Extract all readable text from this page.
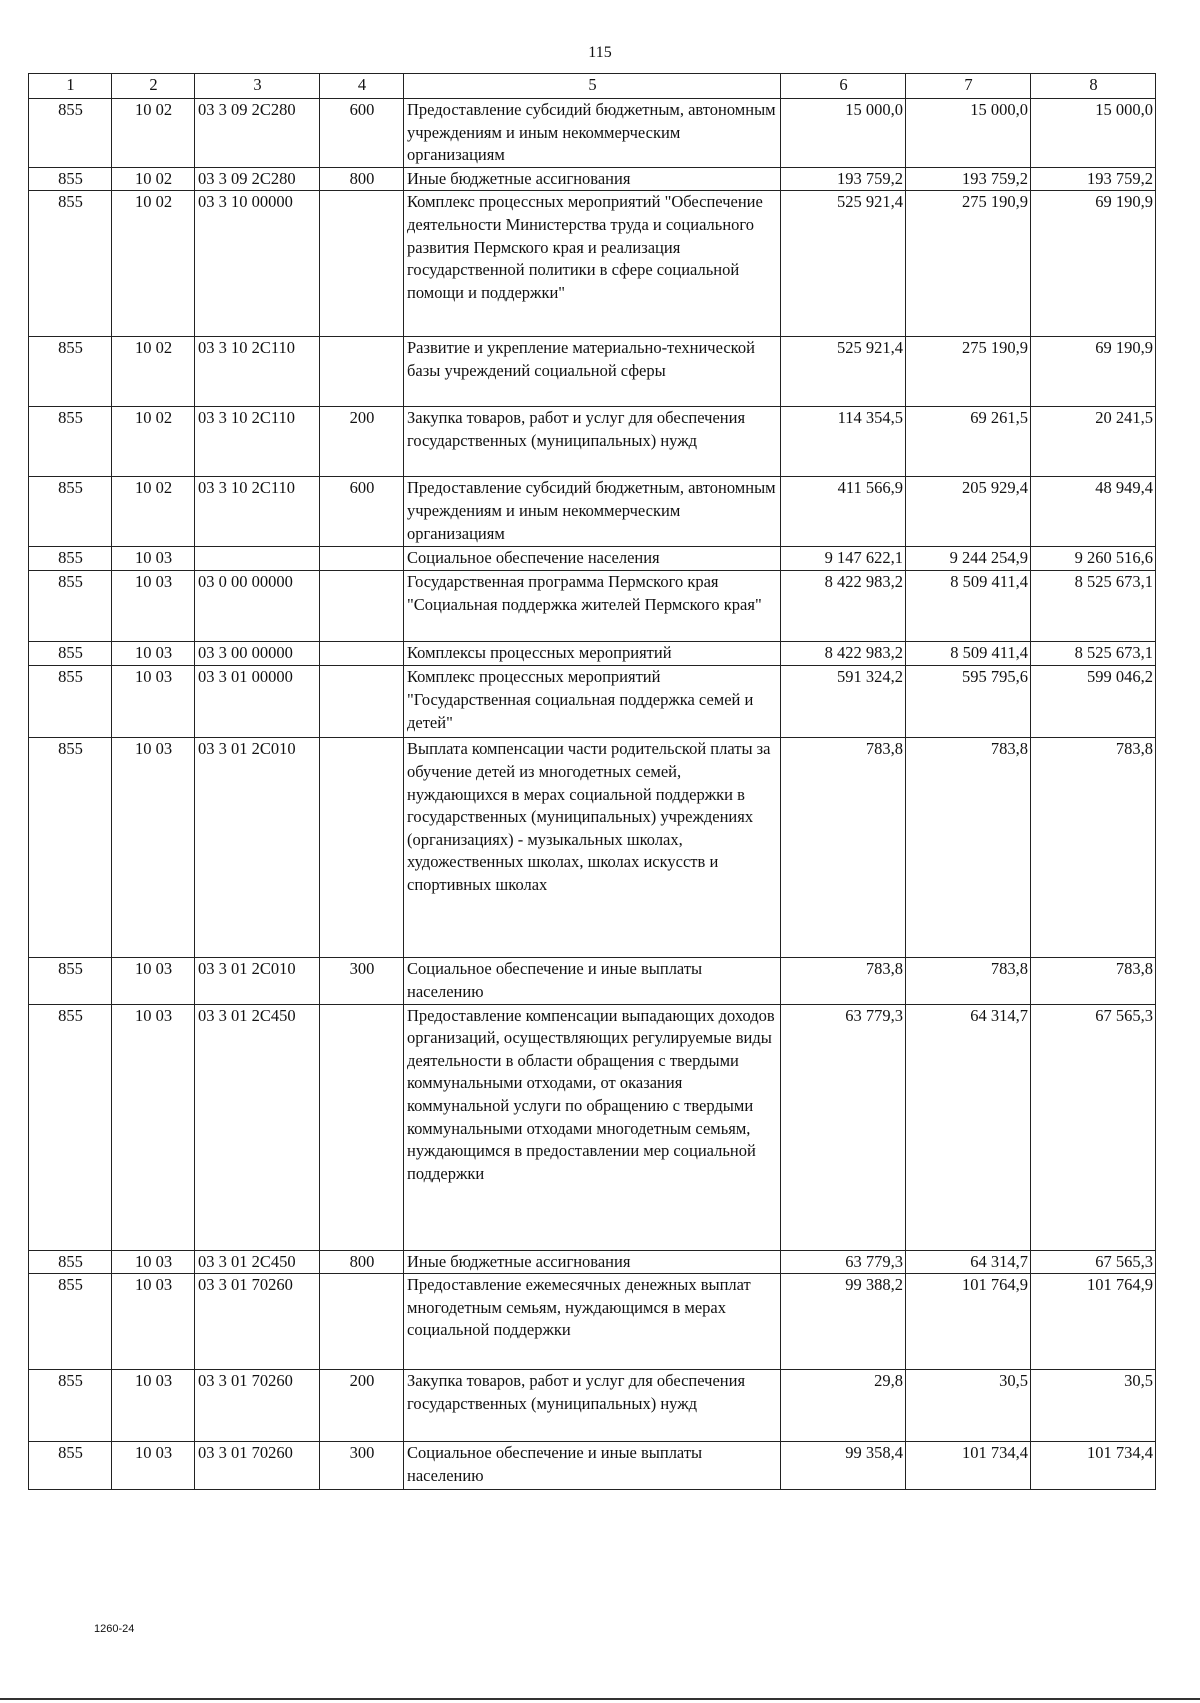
115
1	2	3	4	5	6	7	8
855	10 02	03 3 09 2С280	600	Предоставление субсидий бюджетным, автономным учреждениям и иным некоммерческим организациям	15 000,0	15 000,0	15 000,0
855	10 02	03 3 09 2С280	800	Иные бюджетные ассигнования	193 759,2	193 759,2	193 759,2
855	10 02	03 3 10 00000		Комплекс процессных мероприятий "Обеспечение деятельности Министерства труда и социального развития Пермского края и реализация государственной политики в сфере социальной помощи и поддержки"	525 921,4	275 190,9	69 190,9
855	10 02	03 3 10 2С110		Развитие и укрепление материально-технической базы учреждений социальной сферы	525 921,4	275 190,9	69 190,9
855	10 02	03 3 10 2С110	200	Закупка товаров, работ и услуг для обеспечения государственных (муниципальных) нужд	114 354,5	69 261,5	20 241,5
855	10 02	03 3 10 2С110	600	Предоставление субсидий бюджетным, автономным учреждениям и иным некоммерческим организациям	411 566,9	205 929,4	48 949,4
855	10 03			Социальное обеспечение населения	9 147 622,1	9 244 254,9	9 260 516,6
855	10 03	03 0 00 00000		Государственная программа Пермского края "Социальная поддержка жителей Пермского края"	8 422 983,2	8 509 411,4	8 525 673,1
855	10 03	03 3 00 00000		Комплексы процессных мероприятий	8 422 983,2	8 509 411,4	8 525 673,1
855	10 03	03 3 01 00000		Комплекс процессных мероприятий "Государственная социальная поддержка семей и детей"	591 324,2	595 795,6	599 046,2
855	10 03	03 3 01 2С010		Выплата компенсации части родительской платы за обучение детей из многодетных семей, нуждающихся в мерах социальной поддержки в государственных (муниципальных) учреждениях (организациях) - музыкальных школах, художественных школах, школах искусств и спортивных школах	783,8	783,8	783,8
855	10 03	03 3 01 2С010	300	Социальное обеспечение и иные выплаты населению	783,8	783,8	783,8
855	10 03	03 3 01 2С450		Предоставление компенсации выпадающих доходов организаций, осуществляющих регулируемые виды деятельности в области обращения с твердыми коммунальными отходами, от оказания коммунальной услуги по обращению с твердыми коммунальными отходами многодетным семьям, нуждающимся в предоставлении мер социальной поддержки	63 779,3	64 314,7	67 565,3
855	10 03	03 3 01 2С450	800	Иные бюджетные ассигнования	63 779,3	64 314,7	67 565,3
855	10 03	03 3 01 70260		Предоставление ежемесячных денежных выплат многодетным семьям, нуждающимся в мерах социальной поддержки	99 388,2	101 764,9	101 764,9
855	10 03	03 3 01 70260	200	Закупка товаров, работ и услуг для обеспечения государственных (муниципальных) нужд	29,8	30,5	30,5
855	10 03	03 3 01 70260	300	Социальное обеспечение и иные выплаты населению	99 358,4	101 734,4	101 734,4
1260-24
